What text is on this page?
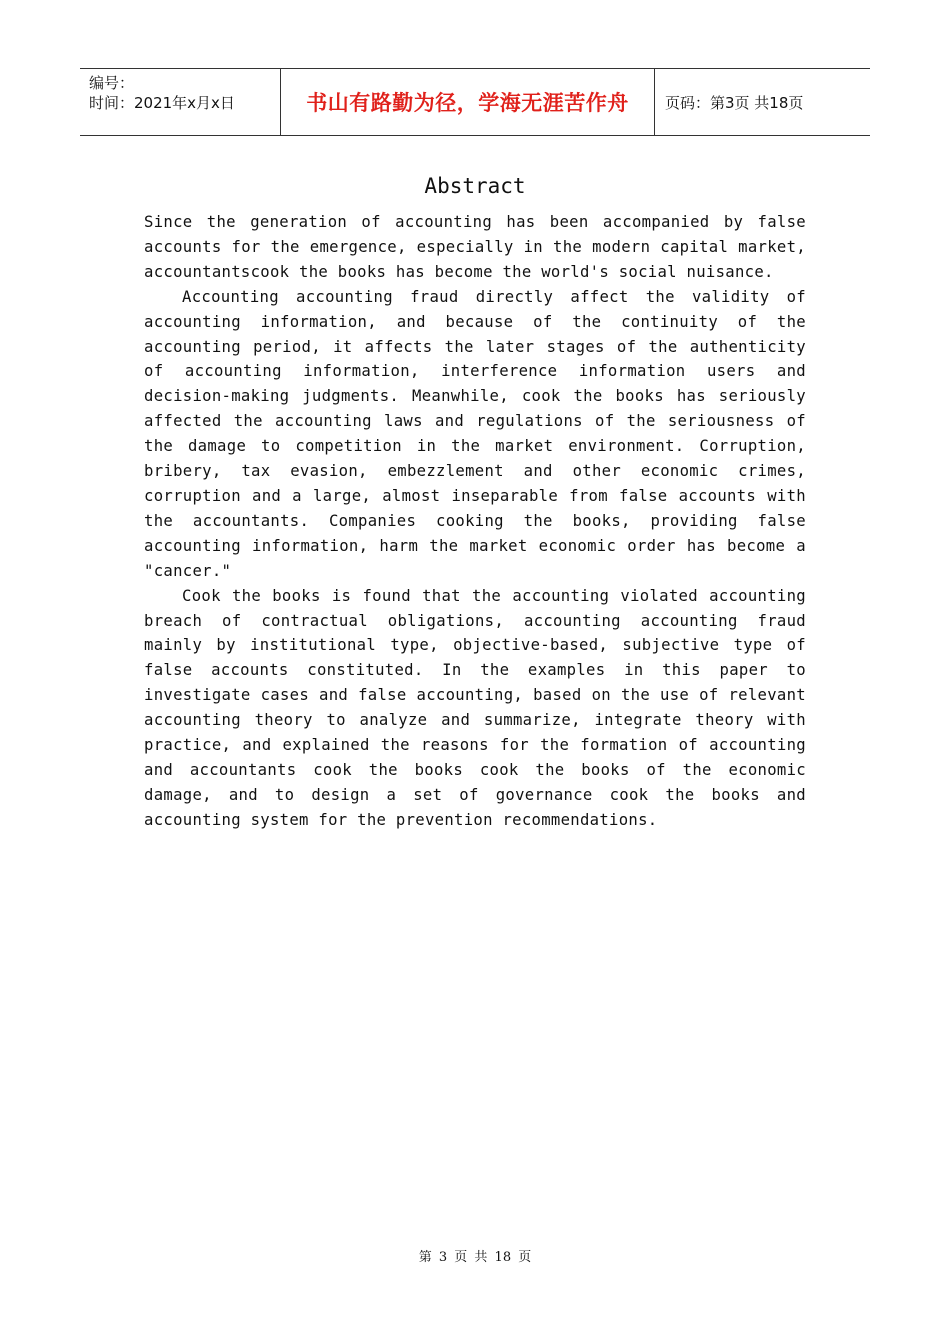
编号：
时间：2021年x月x日	书山有路勤为径，学海无涯苦作舟	页码：第3页 共18页
Abstract

Since the generation of accounting has been accompanied by false accounts for the emergence, especially in the modern capital market, accountantscook the books has become the world's social nuisance.

Accounting accounting fraud directly affect the validity of accounting information, and because of the continuity of the accounting period, it affects the later stages of the authenticity of accounting information, interference information users and decision-making judgments. Meanwhile, cook the books has seriously affected the accounting laws and regulations of the seriousness of the damage to competition in the market environment. Corruption, bribery, tax evasion, embezzlement and other economic crimes, corruption and a large, almost inseparable from false accounts with the accountants. Companies cooking the books, providing false accounting information, harm the market economic order has become a "cancer."

Cook the books is found that the accounting violated accounting breach of contractual obligations, accounting accounting fraud mainly by institutional type, objective-based, subjective type of false accounts constituted. In the examples in this paper to investigate cases and false accounting, based on the use of relevant accounting theory to analyze and summarize, integrate theory with practice, and explained the reasons for the formation of accounting and accountants cook the books cook the books of the economic damage, and to design a set of governance cook the books and accounting system for the prevention recommendations.

第 3 页 共 18 页
